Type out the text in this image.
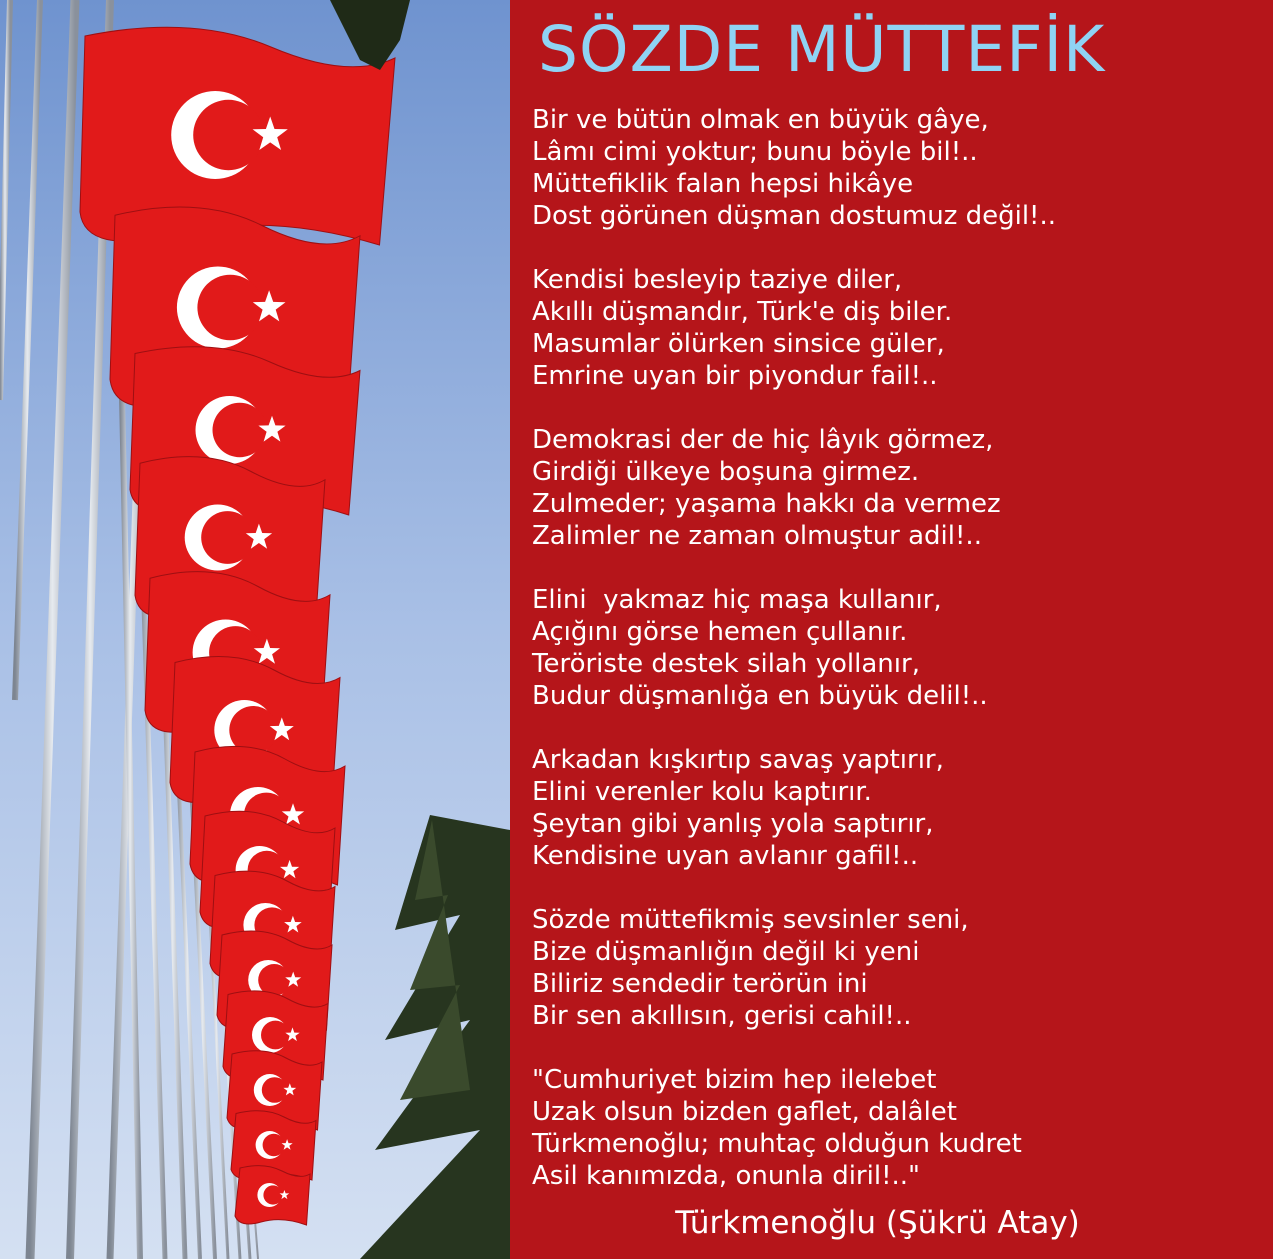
SÖZDE MÜTTEFİK
Bir ve bütün olmak en büyük gâye,
Lâmı cimi yoktur; bunu böyle bil!..
Müttefiklik falan hepsi hikâye
Dost görünen düşman dostumuz değil!..
Kendisi besleyip taziye diler,
Akıllı düşmandır, Türk'e diş biler.
Masumlar ölürken sinsice güler,
Emrine uyan bir piyondur fail!..
Demokrasi der de hiç lâyık görmez,
Girdiği ülkeye boşuna girmez.
Zulmeder; yaşama hakkı da vermez
Zalimler ne zaman olmuştur adil!..
Elini  yakmaz hiç maşa kullanır,
Açığını görse hemen çullanır.
Teröriste destek silah yollanır,
Budur düşmanlığa en büyük delil!..
Arkadan kışkırtıp savaş yaptırır,
Elini verenler kolu kaptırır.
Şeytan gibi yanlış yola saptırır,
Kendisine uyan avlanır gafil!..
Sözde müttefikmiş sevsinler seni,
Bize düşmanlığın değil ki yeni
Biliriz sendedir terörün ini
Bir sen akıllısın, gerisi cahil!..
"Cumhuriyet bizim hep ilelebet
Uzak olsun bizden gaflet, dalâlet
Türkmenoğlu; muhtaç olduğun kudret
Asil kanımızda, onunla diril!.."
Türkmenoğlu (Şükrü Atay)
